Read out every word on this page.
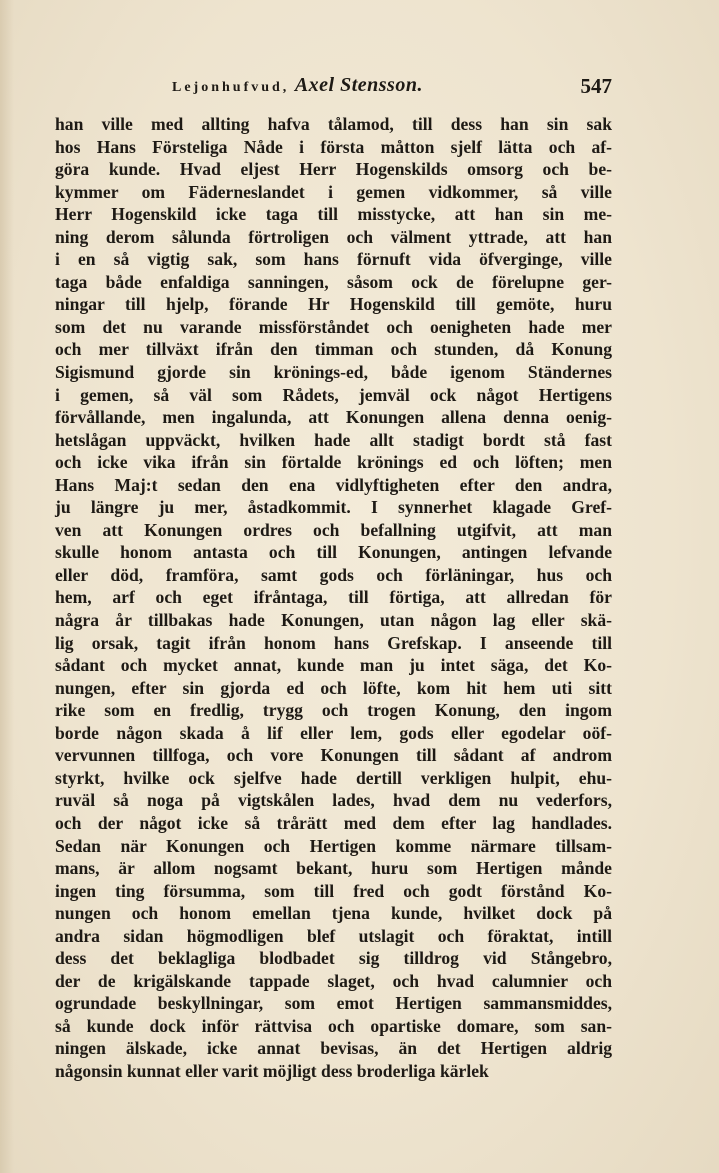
Lejonhufvud, Axel Stensson.	547
han ville med allting hafva tålamod, till dess han sin sak
hos Hans Försteliga Nåde i första måtton sjelf lätta och af-
göra kunde. Hvad eljest Herr Hogenskilds omsorg och be-
kymmer om Fäderneslandet i gemen vidkommer, så ville
Herr Hogenskild icke taga till misstycke, att han sin me-
ning derom sålunda förtroligen och välment yttrade, att han
i en så vigtig sak, som hans förnuft vida öfverginge, ville
taga både enfaldiga sanningen, såsom ock de förelupne ger-
ningar till hjelp, förande Hr Hogenskild till gemöte, huru
som det nu varande missförståndet och oenigheten hade mer
och mer tillväxt ifrån den timman och stunden, då Konung
Sigismund gjorde sin krönings-ed, både igenom Ständernes
i gemen, så väl som Rådets, jemväl ock något Hertigens
förvållande, men ingalunda, att Konungen allena denna oenig-
hetslågan uppväckt, hvilken hade allt stadigt bordt stå fast
och icke vika ifrån sin förtalde krönings ed och löften; men
Hans Maj:t sedan den ena vidlyftigheten efter den andra,
ju längre ju mer, åstadkommit. I synnerhet klagade Gref-
ven att Konungen ordres och befallning utgifvit, att man
skulle honom antasta och till Konungen, antingen lefvande
eller död, framföra, samt gods och förläningar, hus och
hem, arf och eget ifråntaga, till förtiga, att allredan för
några år tillbakas hade Konungen, utan någon lag eller skä-
lig orsak, tagit ifrån honom hans Grefskap. I anseende till
sådant och mycket annat, kunde man ju intet säga, det Ko-
nungen, efter sin gjorda ed och löfte, kom hit hem uti sitt
rike som en fredlig, trygg och trogen Konung, den ingom
borde någon skada å lif eller lem, gods eller egodelar oöf-
vervunnen tillfoga, och vore Konungen till sådant af androm
styrkt, hvilke ock sjelfve hade dertill verkligen hulpit, ehu-
ruväl så noga på vigtskålen lades, hvad dem nu vederfors,
och der något icke så trårätt med dem efter lag handlades.
Sedan när Konungen och Hertigen komme närmare tillsam-
mans, är allom nogsamt bekant, huru som Hertigen månde
ingen ting försumma, som till fred och godt förstånd Ko-
nungen och honom emellan tjena kunde, hvilket dock på
andra sidan högmodligen blef utslagit och föraktat, intill
dess det beklagliga blodbadet sig tilldrog vid Stångebro,
der de krigälskande tappade slaget, och hvad calumnier och
ogrundade beskyllningar, som emot Hertigen sammansmiddes,
så kunde dock inför rättvisa och opartiske domare, som san-
ningen älskade, icke annat bevisas, än det Hertigen aldrig
någonsin kunnat eller varit möjligt dess broderliga kärlek
